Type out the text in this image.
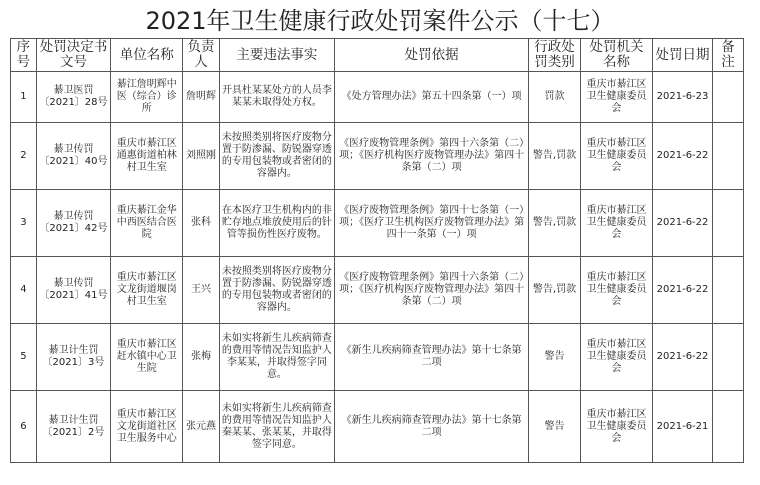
2021年卫生健康行政处罚案件公示（十七）
序号	处罚决定书文号	单位名称	负责人	主要违法事实	处罚依据	行政处罚类别	处罚机关名称	处罚日期	备注
1	綦卫医罚〔2021〕28号	綦江詹明辉中医（综合）诊所	詹明辉	开具杜某某处方的人员李某某未取得处方权。	《处方管理办法》第五十四条第（一）项	罚款	重庆市綦江区卫生健康委员会	2021-6-23	
2	綦卫传罚〔2021〕40号	重庆市綦江区通惠街道柏林村卫生室	刘照刚	未按照类别将医疗废物分置于防渗漏、防锐器穿透的专用包装物或者密闭的容器内。	《医疗废物管理条例》第四十六条第（二）项；《医疗机构医疗废物管理办法》第四十条第（二）项	警告,罚款	重庆市綦江区卫生健康委员会	2021-6-22	
3	綦卫传罚〔2021〕42号	重庆綦江金华中西医结合医院	张科	在本医疗卫生机构内的非贮存地点堆放使用后的针管等损伤性医疗废物。	《医疗废物管理条例》第四十七条第（一）项；《医疗卫生机构医疗废物管理办法》第四十一条第（一）项	警告,罚款	重庆市綦江区卫生健康委员会	2021-6-22	
4	綦卫传罚〔2021〕41号	重庆市綦江区文龙街道堰岗村卫生室	王兴	未按照类别将医疗废物分置于防渗漏、防锐器穿透的专用包装物或者密闭的容器内。	《医疗废物管理条例》第四十六条第（二）项；《医疗机构医疗废物管理办法》第四十条第（二）项	警告,罚款	重庆市綦江区卫生健康委员会	2021-6-22	
5	綦卫计生罚〔2021〕3号	重庆市綦江区赶水镇中心卫生院	张梅	未如实将新生儿疾病筛查的费用等情况告知监护人李某某，并取得签字同意。	《新生儿疾病筛查管理办法》第十七条第二项	警告	重庆市綦江区卫生健康委员会	2021-6-22	
6	綦卫计生罚〔2021〕2号	重庆市綦江区文龙街道社区卫生服务中心	张元燕	未如实将新生儿疾病筛查的费用等情况告知监护人秦某某、张某某，并取得签字同意。	《新生儿疾病筛查管理办法》第十七条第二项	警告	重庆市綦江区卫生健康委员会	2021-6-21	
